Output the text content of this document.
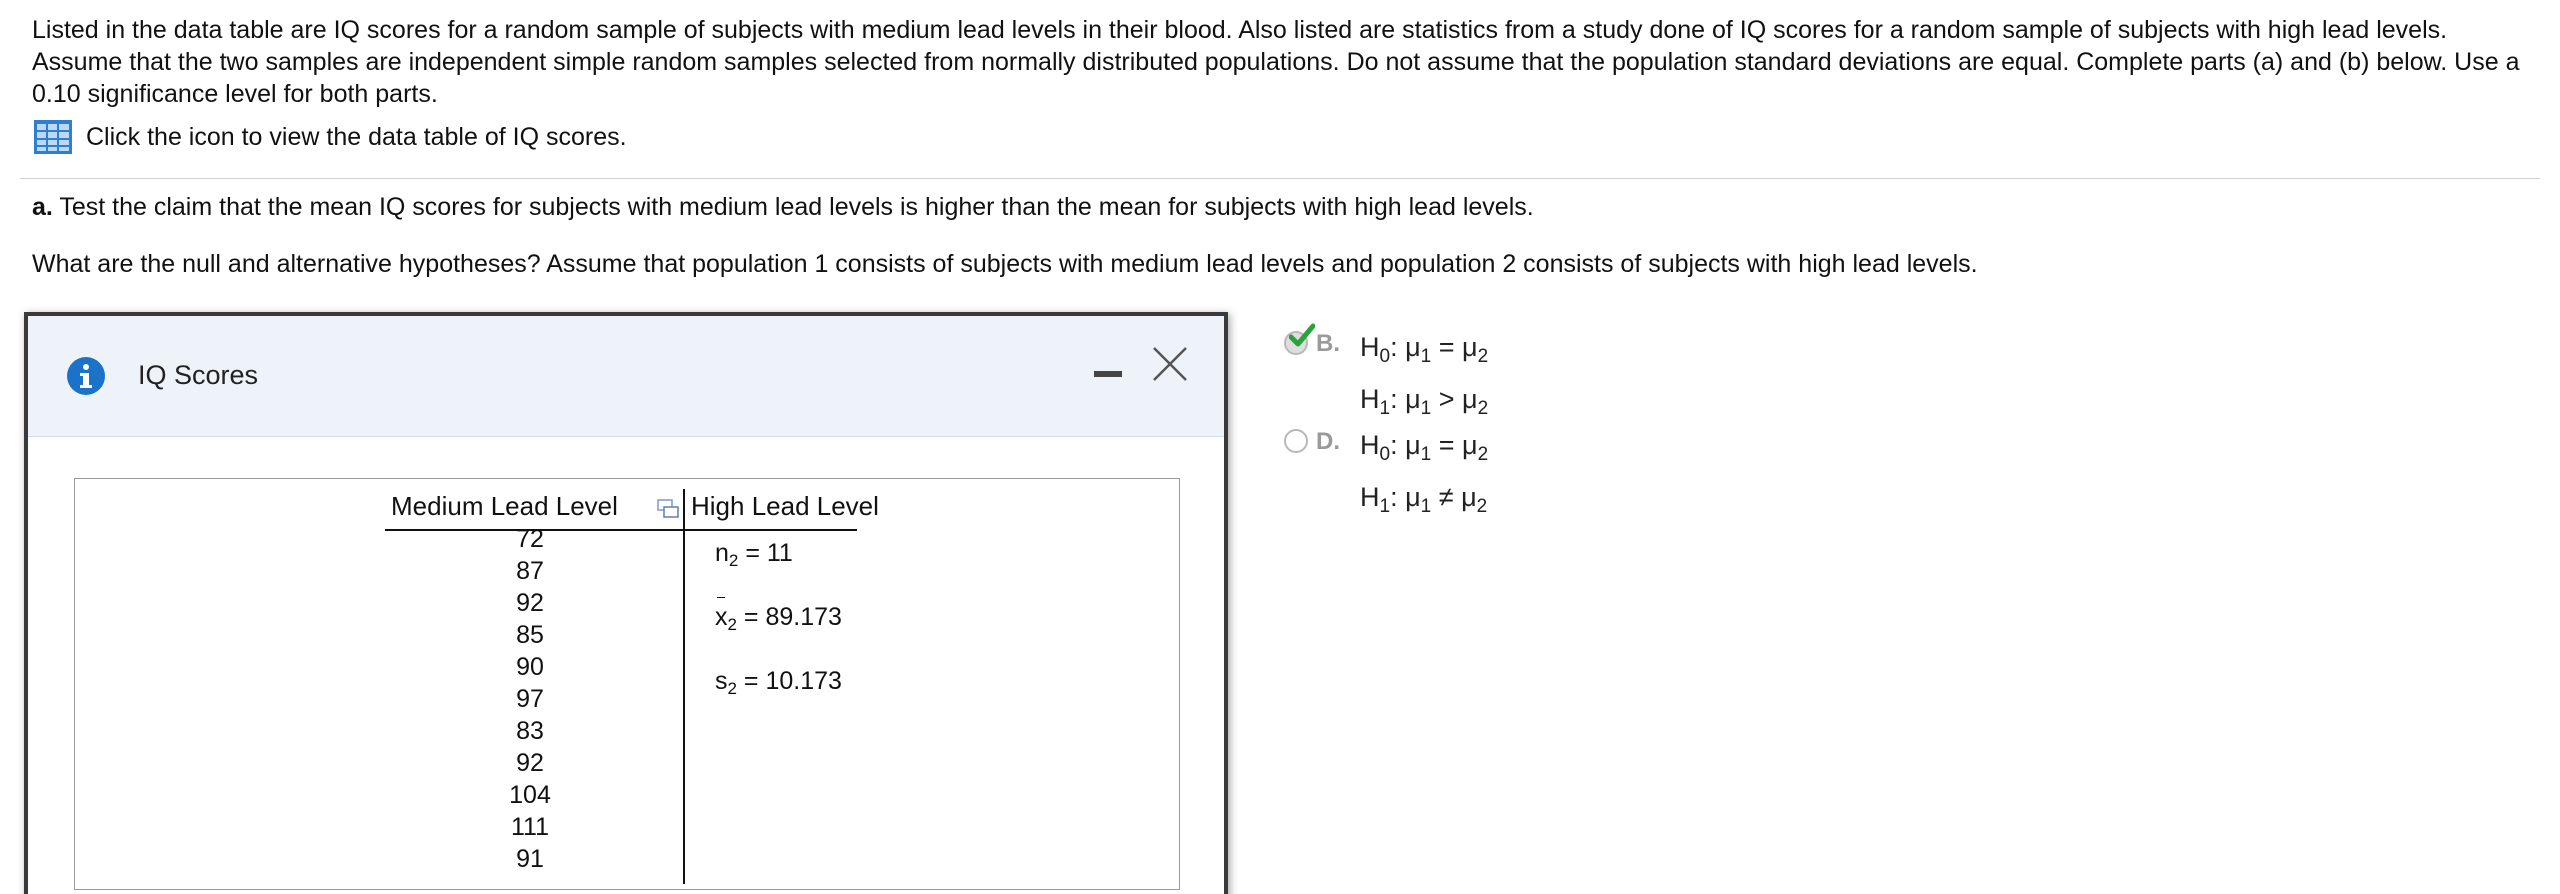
Listed in the data table are IQ scores for a random sample of subjects with medium lead levels in their blood. Also listed are statistics from a study done of IQ scores for a random sample of subjects with high lead levels. Assume that the two samples are independent simple random samples selected from normally distributed populations. Do not assume that the population standard deviations are equal. Complete parts (a) and (b) below. Use a 0.10 significance level for both parts.

Click the icon to view the data table of IQ scores.

a. Test the claim that the mean IQ scores for subjects with medium lead levels is higher than the mean for subjects with high lead levels.

What are the null and alternative hypotheses? Assume that population 1 consists of subjects with medium lead levels and population 2 consists of subjects with high lead levels.

B. $H_0$: $\mu_1 = \mu_2$
$H_1$: $\mu_1 > \mu_2$
D. $H_0$: $\mu_1 = \mu_2$
$H_1$: $\mu_1 \ne \mu_2$
IQ Scores
Medium Lead Level	High Lead Level
72
87
92
85
90
97
83
92
104
111
91
$n_2 = 11$
$x_2 = 89.173$
$s_2 = 10.173$
